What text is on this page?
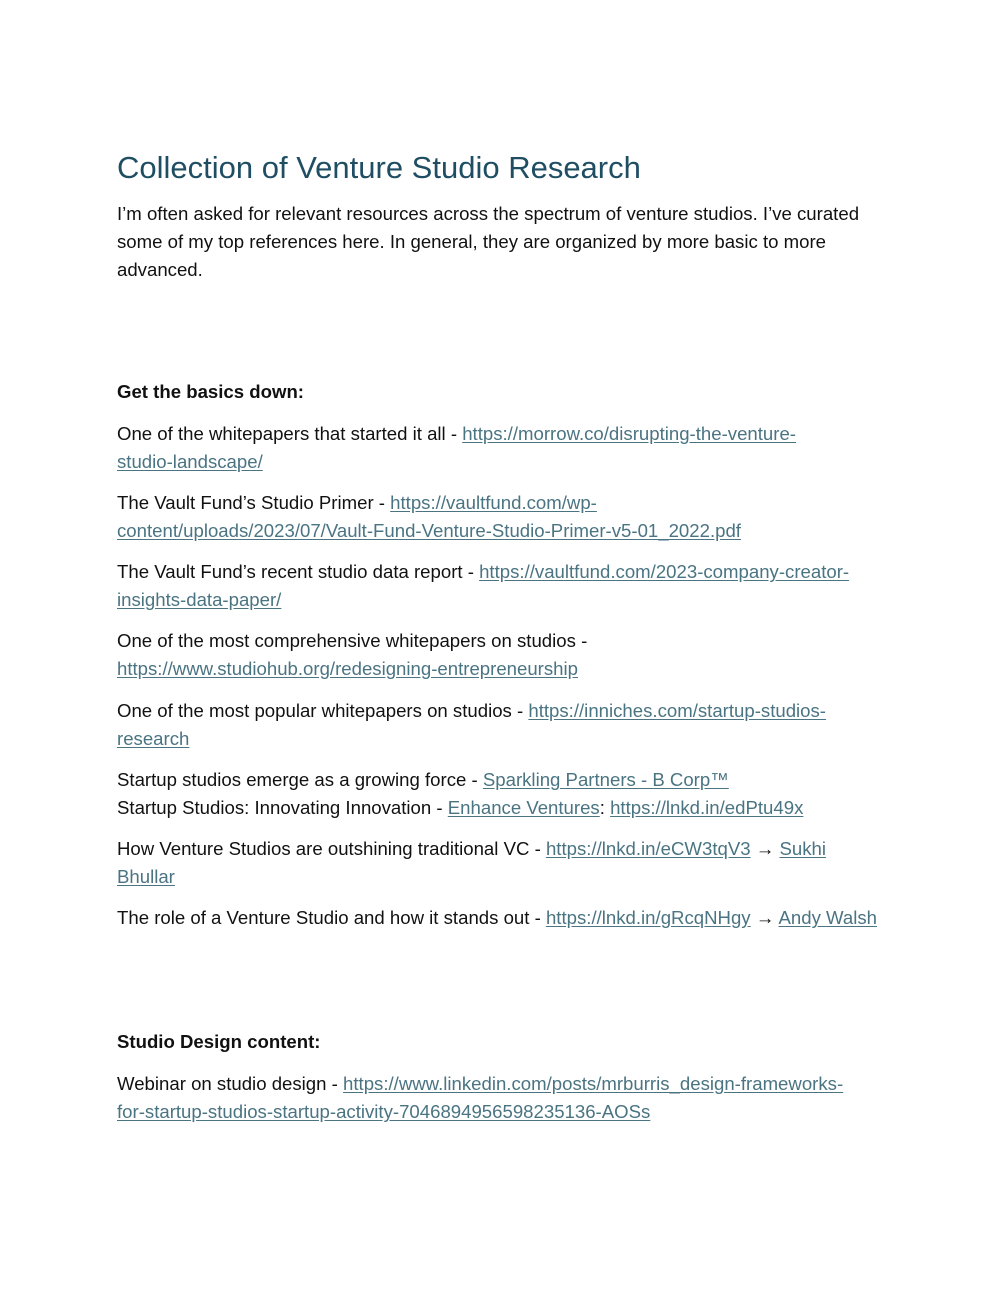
Collection of Venture Studio Research

I’m often asked for relevant resources across the spectrum of venture studios. I’ve curated some of my top references here. In general, they are organized by more basic to more advanced.

Get the basics down:

One of the whitepapers that started it all - https://morrow.co/disrupting-the-venture-
studio-landscape/

The Vault Fund’s Studio Primer - https://vaultfund.com/wp-
content/uploads/2023/07/Vault-Fund-Venture-Studio-Primer-v5-01_2022.pdf

The Vault Fund’s recent studio data report - https://vaultfund.com/2023-company-creator-
insights-data-paper/

One of the most comprehensive whitepapers on studios -
https://www.studiohub.org/redesigning-entrepreneurship

One of the most popular whitepapers on studios - https://inniches.com/startup-studios-
research

Startup studios emerge as a growing force - Sparkling Partners - B Corp™
Startup Studios: Innovating Innovation - Enhance Ventures: https://lnkd.in/edPtu49x

How Venture Studios are outshining traditional VC - https://lnkd.in/eCW3tqV3 → Sukhi
Bhullar

The role of a Venture Studio and how it stands out - https://lnkd.in/gRcqNHgy → Andy Walsh

Studio Design content:

Webinar on studio design - https://www.linkedin.com/posts/mrburris_design-frameworks-
for-startup-studios-startup-activity-7046894956598235136-AOSs
